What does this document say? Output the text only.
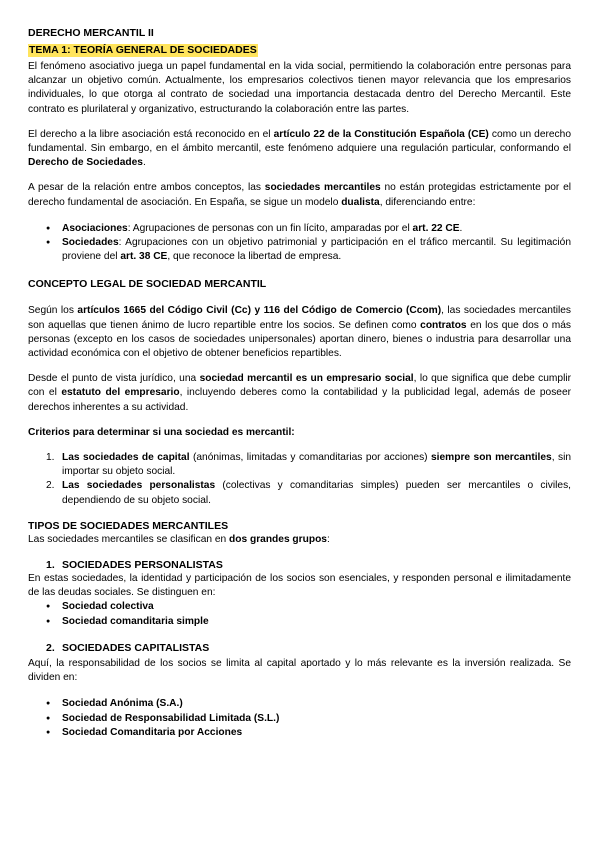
DERECHO MERCANTIL II
TEMA 1: TEORÍA GENERAL DE SOCIEDADES

El fenómeno asociativo juega un papel fundamental en la vida social, permitiendo la colaboración entre personas para alcanzar un objetivo común. Actualmente, los empresarios colectivos tienen mayor relevancia que los empresarios individuales, lo que otorga al contrato de sociedad una importancia destacada dentro del Derecho Mercantil. Este contrato es plurilateral y organizativo, estructurando la colaboración entre las partes.

El derecho a la libre asociación está reconocido en el artículo 22 de la Constitución Española (CE) como un derecho fundamental. Sin embargo, en el ámbito mercantil, este fenómeno adquiere una regulación particular, conformando el Derecho de Sociedades.

A pesar de la relación entre ambos conceptos, las sociedades mercantiles no están protegidas estrictamente por el derecho fundamental de asociación. En España, se sigue un modelo dualista, diferenciando entre:

● Asociaciones: Agrupaciones de personas con un fin lícito, amparadas por el art. 22 CE.
● Sociedades: Agrupaciones con un objetivo patrimonial y participación en el tráfico mercantil. Su legitimación proviene del art. 38 CE, que reconoce la libertad de empresa.
CONCEPTO LEGAL DE SOCIEDAD MERCANTIL

Según los artículos 1665 del Código Civil (Cc) y 116 del Código de Comercio (Ccom), las sociedades mercantiles son aquellas que tienen ánimo de lucro repartible entre los socios. Se definen como contratos en los que dos o más personas (excepto en los casos de sociedades unipersonales) aportan dinero, bienes o industria para desarrollar una actividad económica con el objetivo de obtener beneficios repartibles.

Desde el punto de vista jurídico, una sociedad mercantil es un empresario social, lo que significa que debe cumplir con el estatuto del empresario, incluyendo deberes como la contabilidad y la publicidad legal, además de poseer derechos inherentes a su actividad.

Criterios para determinar si una sociedad es mercantil:

1. Las sociedades de capital (anónimas, limitadas y comanditarias por acciones) siempre son mercantiles, sin importar su objeto social.
2. Las sociedades personalistas (colectivas y comanditarias simples) pueden ser mercantiles o civiles, dependiendo de su objeto social.
TIPOS DE SOCIEDADES MERCANTILES

Las sociedades mercantiles se clasifican en dos grandes grupos:

1. SOCIEDADES PERSONALISTAS

En estas sociedades, la identidad y participación de los socios son esenciales, y responden personal e ilimitadamente de las deudas sociales. Se distinguen en:

● Sociedad colectiva
● Sociedad comanditaria simple
2. SOCIEDADES CAPITALISTAS

Aquí, la responsabilidad de los socios se limita al capital aportado y lo más relevante es la inversión realizada. Se dividen en:

● Sociedad Anónima (S.A.)
● Sociedad de Responsabilidad Limitada (S.L.)
● Sociedad Comanditaria por Acciones
